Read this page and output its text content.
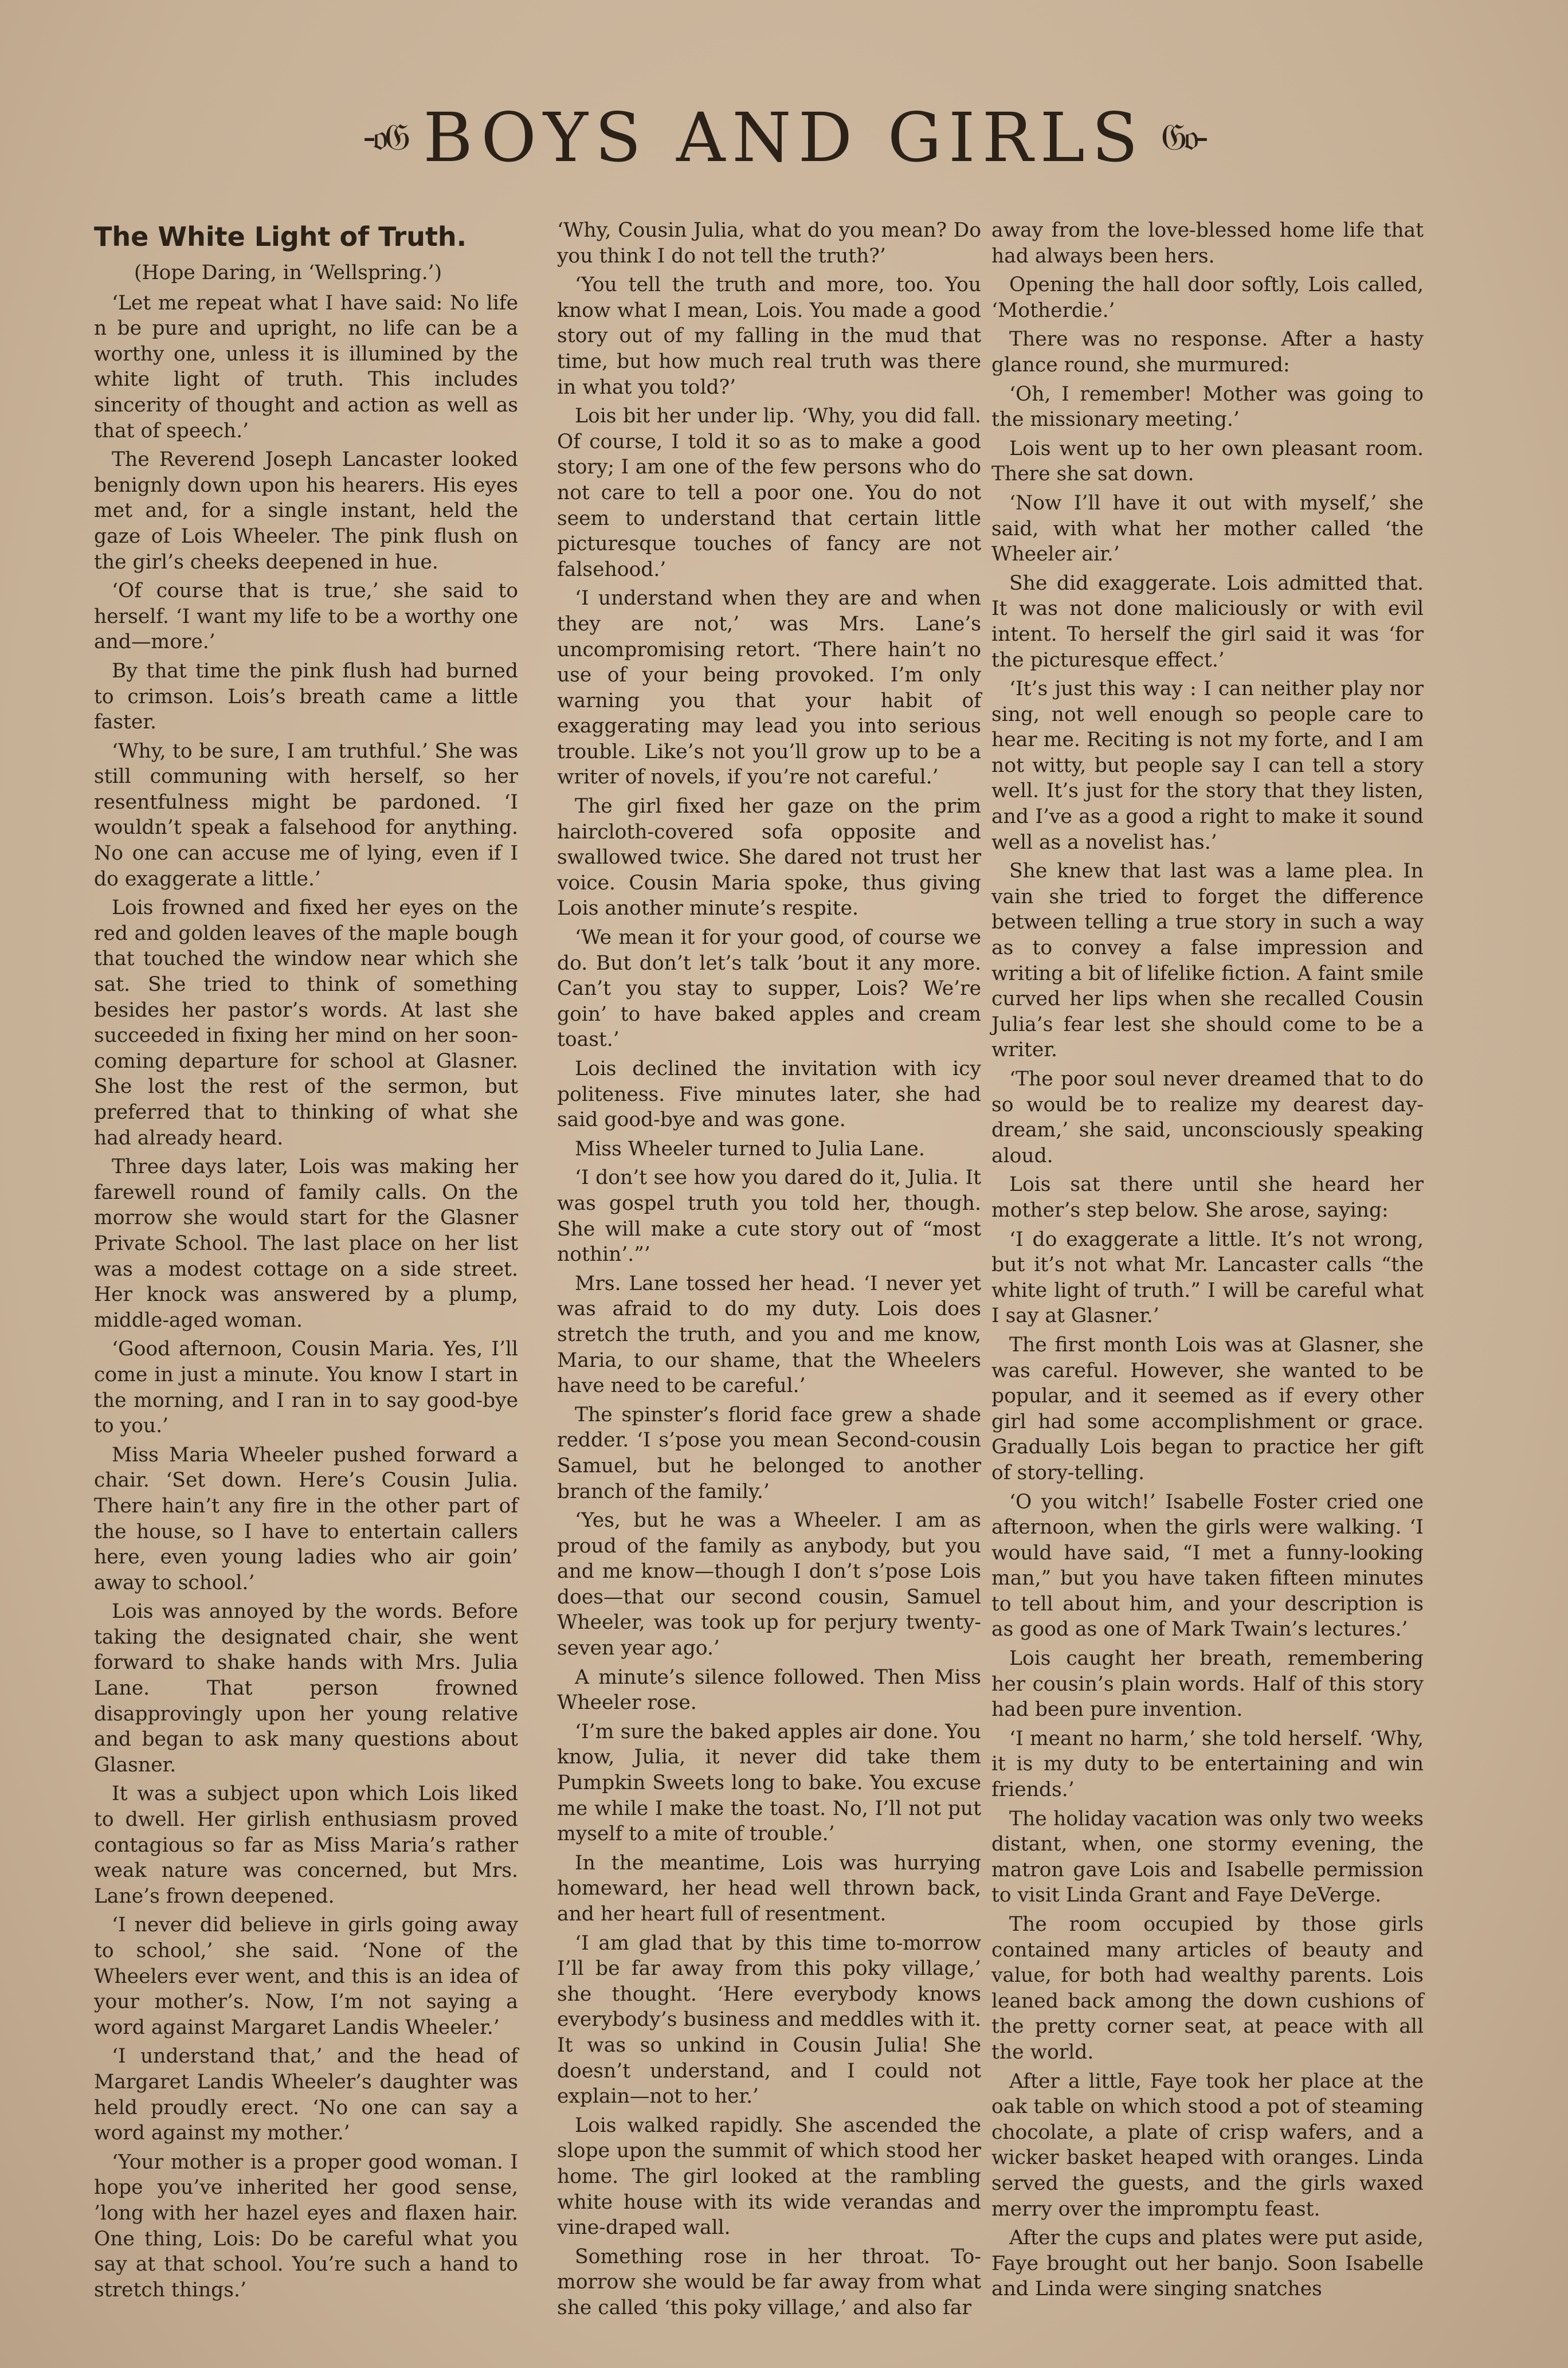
-𝔬𝔊 BOYS AND GIRLS 𝔊𝔬-
The White Light of Truth.
(Hope Daring, in ‘Wellspring.’)

‘Let me repeat what I have said: No life n be pure and upright, no life can be a worthy one, unless it is illumined by the white light of truth. This includes sincerity of thought and action as well as that of speech.’

The Reverend Joseph Lancaster looked benignly down upon his hearers. His eyes met and, for a single instant, held the gaze of Lois Wheeler. The pink flush on the girl’s cheeks deepened in hue.

‘Of course that is true,’ she said to herself. ‘I want my life to be a worthy one and—more.’

By that time the pink flush had burned to crimson. Lois’s breath came a little faster.

‘Why, to be sure, I am truthful.’ She was still communing with herself, so her resentfulness might be pardoned. ‘I wouldn’t speak a falsehood for anything. No one can accuse me of lying, even if I do exaggerate a little.’

Lois frowned and fixed her eyes on the red and golden leaves of the maple bough that touched the window near which she sat. She tried to think of something besides her pastor’s words. At last she succeeded in fixing her mind on her soon-coming departure for school at Glasner. She lost the rest of the sermon, but preferred that to thinking of what she had already heard.

Three days later, Lois was making her farewell round of family calls. On the morrow she would start for the Glasner Private School. The last place on her list was a modest cottage on a side street. Her knock was answered by a plump, middle-aged woman.

‘Good afternoon, Cousin Maria. Yes, I’ll come in just a minute. You know I start in the morning, and I ran in to say good-bye to you.’

Miss Maria Wheeler pushed forward a chair. ‘Set down. Here’s Cousin Julia. There hain’t any fire in the other part of the house, so I have to entertain callers here, even young ladies who air goin’ away to school.’

Lois was annoyed by the words. Before taking the designated chair, she went forward to shake hands with Mrs. Julia Lane. That person frowned disapprovingly upon her young relative and began to ask many questions about Glasner.

It was a subject upon which Lois liked to dwell. Her girlish enthusiasm proved contagious so far as Miss Maria’s rather weak nature was concerned, but Mrs. Lane’s frown deepened.

‘I never did believe in girls going away to school,’ she said. ‘None of the Wheelers ever went, and this is an idea of your mother’s. Now, I’m not saying a word against Margaret Landis Wheeler.’

‘I understand that,’ and the head of Margaret Landis Wheeler’s daughter was held proudly erect. ‘No one can say a word against my mother.’

‘Your mother is a proper good woman. I hope you’ve inherited her good sense, ’long with her hazel eyes and flaxen hair. One thing, Lois: Do be careful what you say at that school. You’re such a hand to stretch things.’

‘Why, Cousin Julia, what do you mean? Do you think I do not tell the truth?’

‘You tell the truth and more, too. You know what I mean, Lois. You made a good story out of my falling in the mud that time, but how much real truth was there in what you told?’

Lois bit her under lip. ‘Why, you did fall. Of course, I told it so as to make a good story; I am one of the few persons who do not care to tell a poor one. You do not seem to understand that certain little picturesque touches of fancy are not falsehood.’

‘I understand when they are and when they are not,’ was Mrs. Lane’s uncompromising retort. ‘There hain’t no use of your being provoked. I’m only warning you that your habit of exaggerating may lead you into serious trouble. Like’s not you’ll grow up to be a writer of novels, if you’re not careful.’

The girl fixed her gaze on the prim haircloth-covered sofa opposite and swallowed twice. She dared not trust her voice. Cousin Maria spoke, thus giving Lois another minute’s respite.

‘We mean it for your good, of course we do. But don’t let’s talk ’bout it any more. Can’t you stay to supper, Lois? We’re goin’ to have baked apples and cream toast.’

Lois declined the invitation with icy politeness. Five minutes later, she had said good-bye and was gone.

Miss Wheeler turned to Julia Lane.

‘I don’t see how you dared do it, Julia. It was gospel truth you told her, though. She will make a cute story out of “most nothin’.”’

Mrs. Lane tossed her head. ‘I never yet was afraid to do my duty. Lois does stretch the truth, and you and me know, Maria, to our shame, that the Wheelers have need to be careful.’

The spinster’s florid face grew a shade redder. ‘I s’pose you mean Second-cousin Samuel, but he belonged to another branch of the family.’

‘Yes, but he was a Wheeler. I am as proud of the family as anybody, but you and me know—though I don’t s’pose Lois does—that our second cousin, Samuel Wheeler, was took up for perjury twenty-seven year ago.’

A minute’s silence followed. Then Miss Wheeler rose.

‘I’m sure the baked apples air done. You know, Julia, it never did take them Pumpkin Sweets long to bake. You excuse me while I make the toast. No, I’ll not put myself to a mite of trouble.’

In the meantime, Lois was hurrying homeward, her head well thrown back, and her heart full of resentment.

‘I am glad that by this time to-morrow I’ll be far away from this poky village,’ she thought. ‘Here everybody knows everybody’s business and meddles with it. It was so unkind in Cousin Julia! She doesn’t understand, and I could not explain—not to her.’

Lois walked rapidly. She ascended the slope upon the summit of which stood her home. The girl looked at the rambling white house with its wide verandas and vine-draped wall.

Something rose in her throat. To-morrow she would be far away from what she called ‘this poky village,’ and also far

away from the love-blessed home life that had always been hers.

Opening the hall door softly, Lois called, ‘Motherdie.’

There was no response. After a hasty glance round, she murmured:

‘Oh, I remember! Mother was going to the missionary meeting.’

Lois went up to her own pleasant room. There she sat down.

‘Now I’ll have it out with myself,’ she said, with what her mother called ‘the Wheeler air.’

She did exaggerate. Lois admitted that. It was not done maliciously or with evil intent. To herself the girl said it was ‘for the picturesque effect.’

‘It’s just this way : I can neither play nor sing, not well enough so people care to hear me. Reciting is not my forte, and I am not witty, but people say I can tell a story well. It’s just for the story that they listen, and I’ve as a good a right to make it sound well as a novelist has.’

She knew that last was a lame plea. In vain she tried to forget the difference between telling a true story in such a way as to convey a false impression and writing a bit of lifelike fiction. A faint smile curved her lips when she recalled Cousin Julia’s fear lest she should come to be a writer.

‘The poor soul never dreamed that to do so would be to realize my dearest day-dream,’ she said, unconsciously speaking aloud.

Lois sat there until she heard her mother’s step below. She arose, saying:

‘I do exaggerate a little. It’s not wrong, but it’s not what Mr. Lancaster calls “the white light of truth.” I will be careful what I say at Glasner.’

The first month Lois was at Glasner, she was careful. However, she wanted to be popular, and it seemed as if every other girl had some accomplishment or grace. Gradually Lois began to practice her gift of story-telling.

‘O you witch!’ Isabelle Foster cried one afternoon, when the girls were walking. ‘I would have said, “I met a funny-looking man,” but you have taken fifteen minutes to tell about him, and your description is as good as one of Mark Twain’s lectures.’

Lois caught her breath, remembering her cousin’s plain words. Half of this story had been pure invention.

‘I meant no harm,’ she told herself. ‘Why, it is my duty to be entertaining and win friends.’

The holiday vacation was only two weeks distant, when, one stormy evening, the matron gave Lois and Isabelle permission to visit Linda Grant and Faye DeVerge.

The room occupied by those girls contained many articles of beauty and value, for both had wealthy parents. Lois leaned back among the down cushions of the pretty corner seat, at peace with all the world.

After a little, Faye took her place at the oak table on which stood a pot of steaming chocolate, a plate of crisp wafers, and a wicker basket heaped with oranges. Linda served the guests, and the girls waxed merry over the impromptu feast.

After the cups and plates were put aside, Faye brought out her banjo. Soon Isabelle and Linda were singing snatches
